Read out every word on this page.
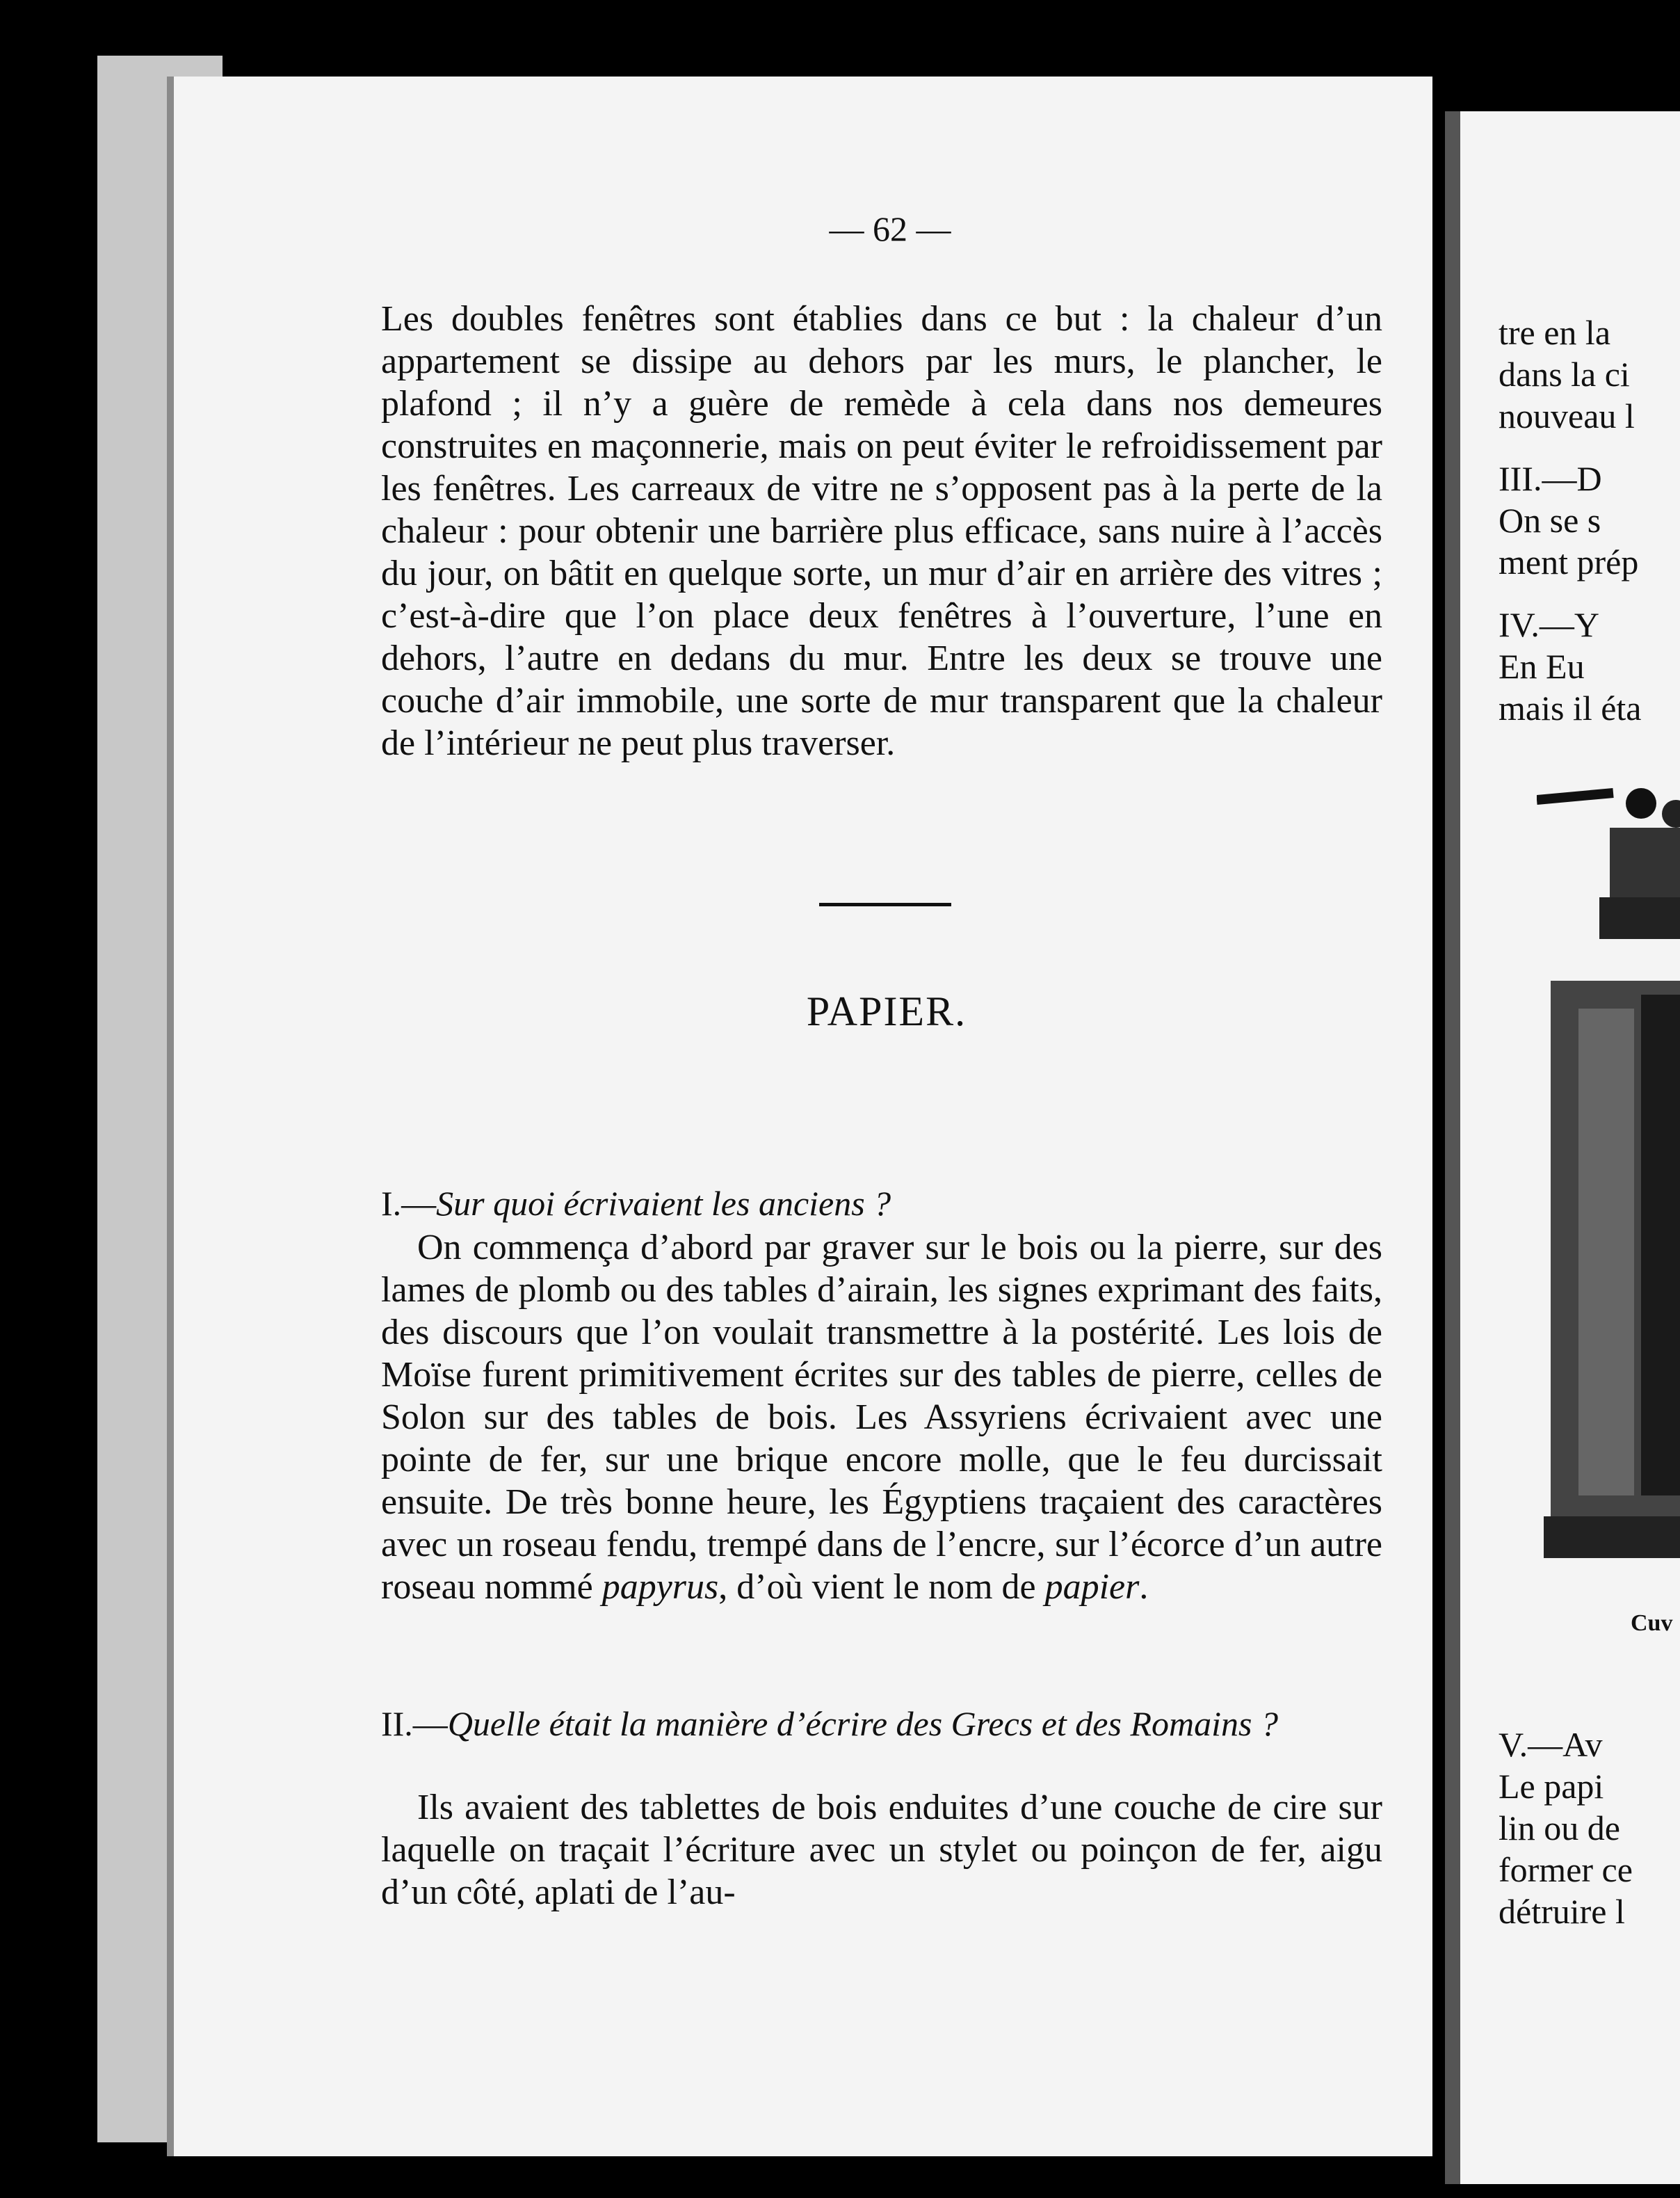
— 62 —
Les doubles fenêtres sont établies dans ce but : la chaleur d’un appartement se dissipe au dehors par les murs, le plancher, le plafond ; il n’y a guère de remède à cela dans nos demeures construites en maçonnerie, mais on peut éviter le refroidissement par les fenêtres. Les carreaux de vitre ne s’opposent pas à la perte de la chaleur : pour obtenir une barrière plus efficace, sans nuire à l’accès du jour, on bâtit en quelque sorte, un mur d’air en arrière des vitres ; c’est-à-dire que l’on place deux fenêtres à l’ouverture, l’une en dehors, l’autre en dedans du mur. Entre les deux se trouve une couche d’air immobile, une sorte de mur transparent que la chaleur de l’intérieur ne peut plus traverser.
PAPIER.
I.—Sur quoi écrivaient les anciens ?
On commença d’abord par graver sur le bois ou la pierre, sur des lames de plomb ou des tables d’airain, les signes exprimant des faits, des discours que l’on voulait transmettre à la postérité. Les lois de Moïse furent primitivement écrites sur des tables de pierre, celles de Solon sur des tables de bois. Les Assyriens écrivaient avec une pointe de fer, sur une brique encore molle, que le feu durcissait ensuite. De très bonne heure, les Égyptiens traçaient des caractères avec un roseau fendu, trempé dans de l’encre, sur l’écorce d’un autre roseau nommé papyrus, d’où vient le nom de papier.
II.—Quelle était la manière d’écrire des Grecs et des Romains ?
Ils avaient des tablettes de bois enduites d’une couche de cire sur laquelle on traçait l’écriture avec un stylet ou poinçon de fer, aigu d’un côté, aplati de l’au-
tre en la
dans la ci
nouveau l
III.—D
On se s
ment prép
IV.—Y
En Eu
mais il éta
Cuv
V.—Av
Le papi
lin ou de
former ce
détruire l
